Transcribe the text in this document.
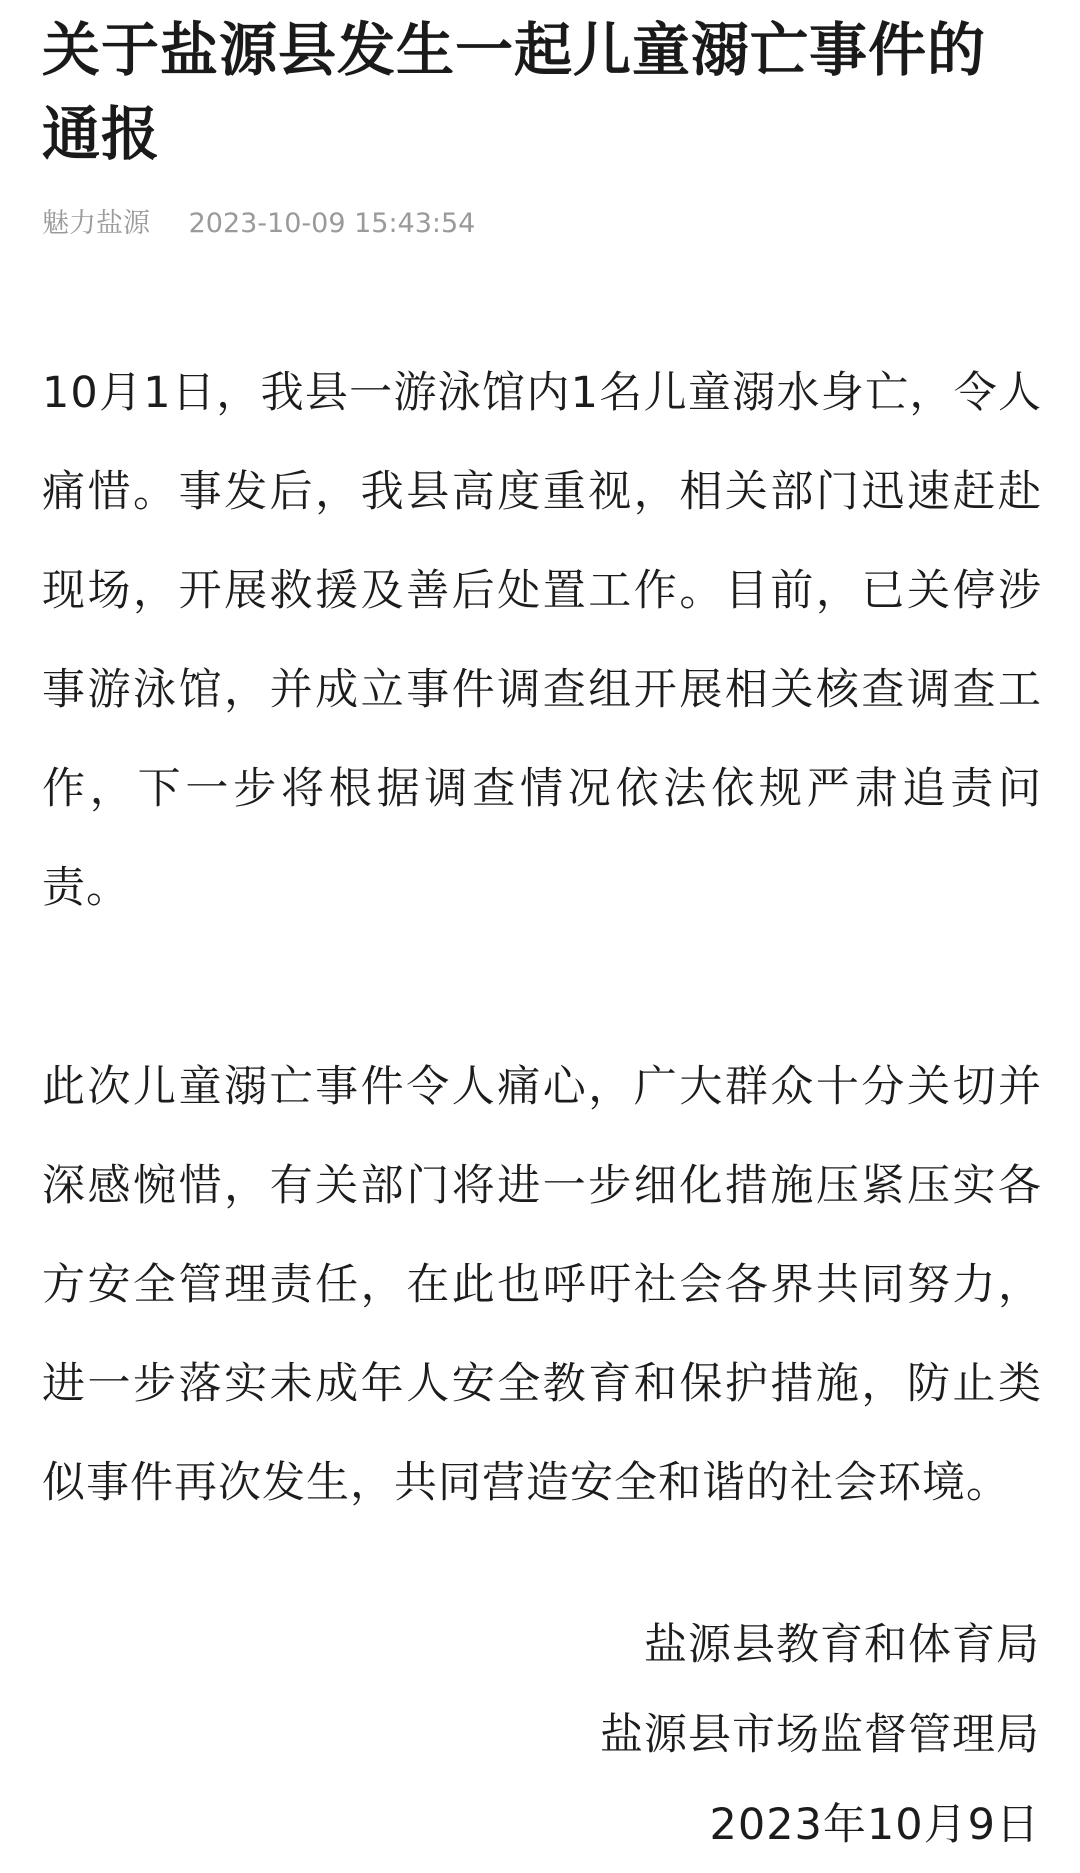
关于盐源县发生一起儿童溺亡事件的通报
魅力盐源 2023-10-09 15:43:54

10月1日，我县一游泳馆内1名儿童溺水身亡，令人痛惜。事发后，我县高度重视，相关部门迅速赶赴现场，开展救援及善后处置工作。目前，已关停涉事游泳馆，并成立事件调查组开展相关核查调查工作，下一步将根据调查情况依法依规严肃追责问责。

此次儿童溺亡事件令人痛心，广大群众十分关切并深感惋惜，有关部门将进一步细化措施压紧压实各方安全管理责任，在此也呼吁社会各界共同努力，进一步落实未成年人安全教育和保护措施，防止类似事件再次发生，共同营造安全和谐的社会环境。

盐源县教育和体育局
盐源县市场监督管理局
2023年10月9日
